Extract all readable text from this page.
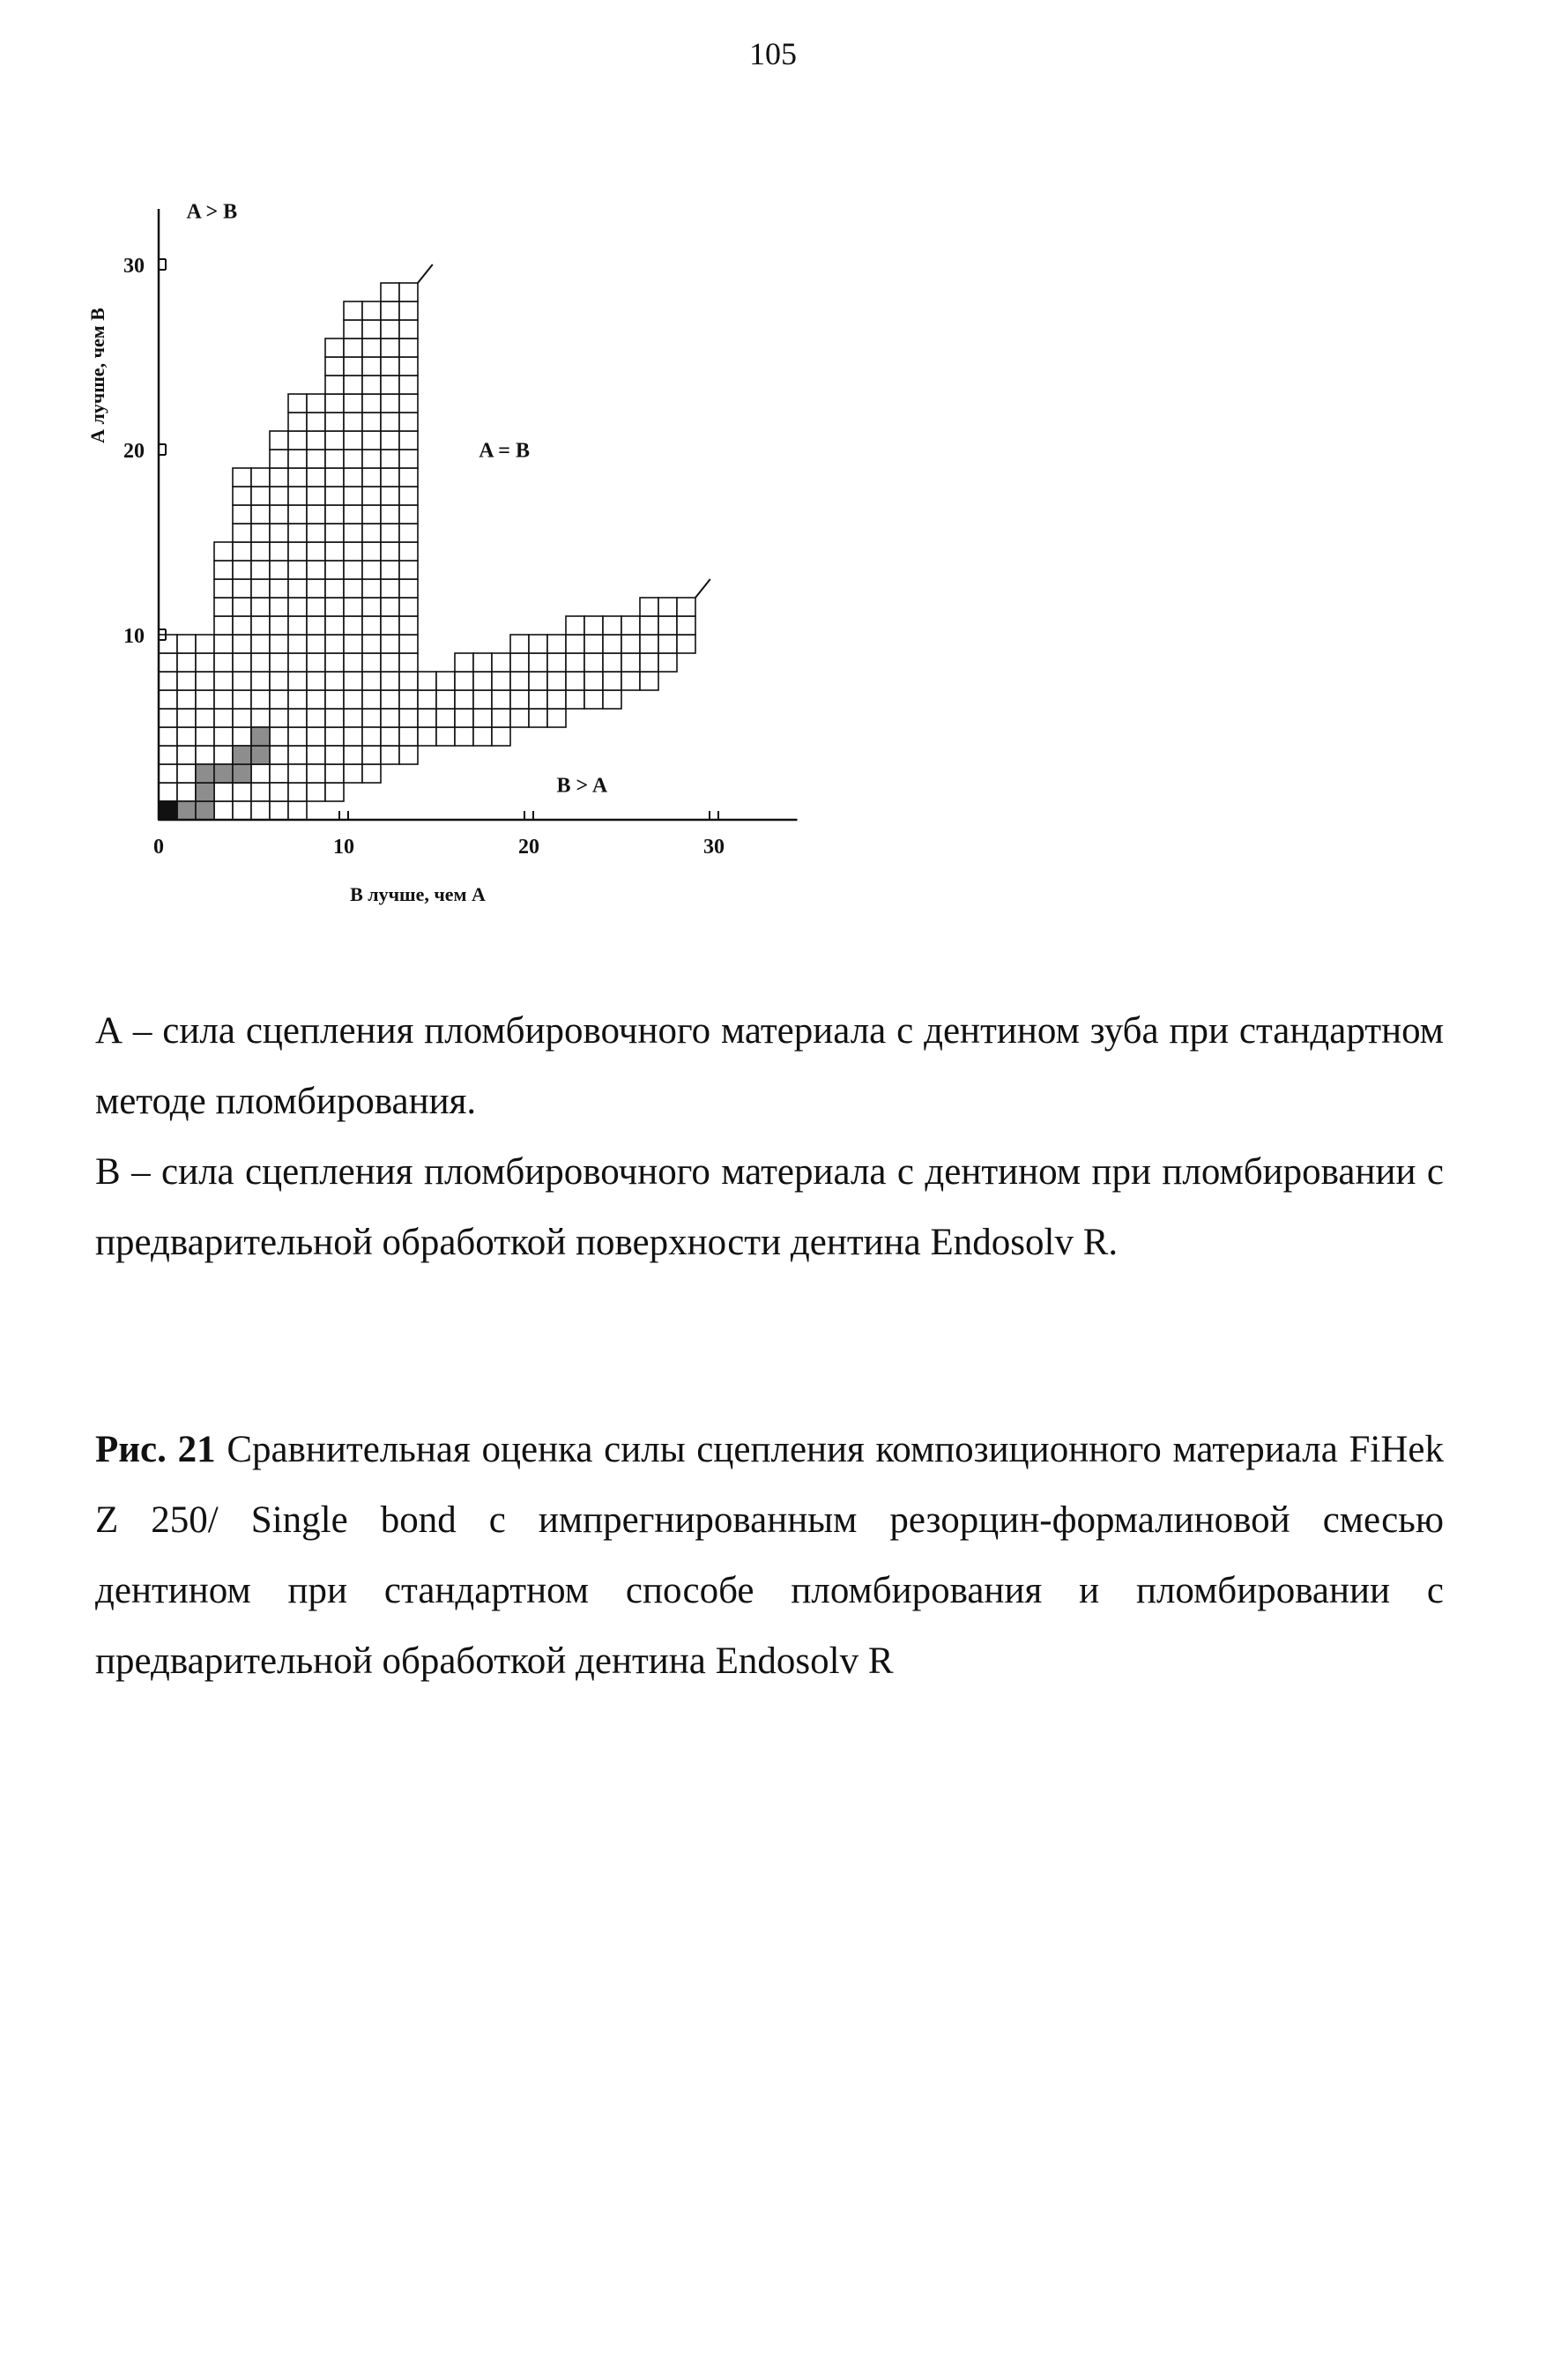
105
0	10	20	30
10
20
30
В лучше, чем А
А лучше, чем В
A > B
A = B
B > A
А – сила сцепления пломбировочного материала с дентином зуба при стандартном методе пломбирования.
В – сила сцепления пломбировочного материала с дентином при пломбировании с предварительной обработкой поверхности дентина Endosolv R.
Рис. 21 Сравнительная оценка силы сцепления композиционного материала FiHek Z 250/ Single bond с импрегнированным резорцин-формалиновой смесью дентином при стандартном способе пломбирования и пломбировании с предварительной обработкой дентина Endosolv R
